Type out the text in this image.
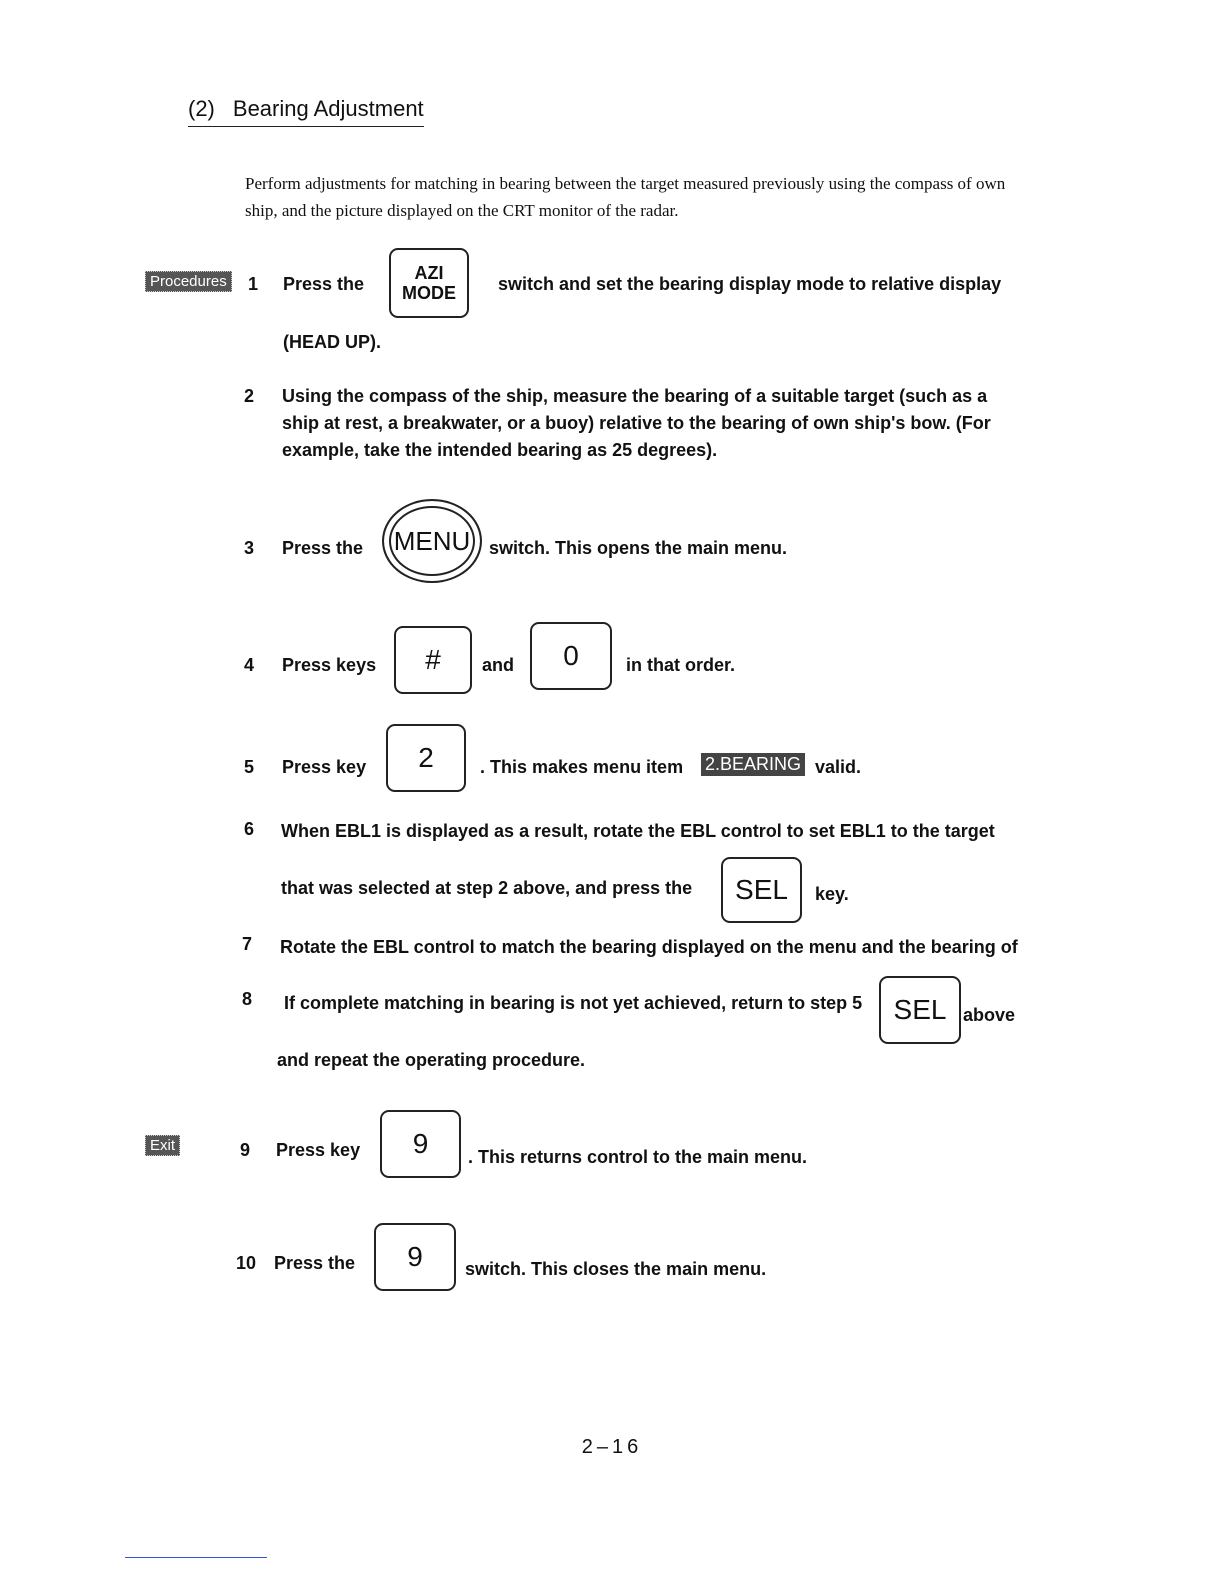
(2) Bearing Adjustment
Perform adjustments for matching in bearing between the target measured previously using the compass of own ship, and the picture displayed on the CRT monitor of the radar.
Procedures 1 Press the
AZI
MODE switch and set the bearing display mode to relative display
(HEAD UP).
2 Using the compass of the ship, measure the bearing of a suitable target (such as a
ship at rest, a breakwater, or a buoy) relative to the bearing of own ship's bow. (For
example, take the intended bearing as 25 degrees).
3 Press the	MENU	switch. This opens the main menu.
4 Press keys	#	and	0	in that order.
5 Press key	2	. This makes menu item 2.BEARING valid.
6 When EBL1 is displayed as a result, rotate the EBL control to set EBL1 to the target
that was selected at step 2 above, and press the	SEL	key.
7 Rotate the EBL control to match the bearing displayed on the menu and the bearing of
8 If complete matching in bearing is not yet achieved, return to step 5	SEL above
and repeat the operating procedure.
Exit	9 Press key	9	. This returns control to the main menu.
10 Press the	9	switch. This closes the main menu.
2–16
